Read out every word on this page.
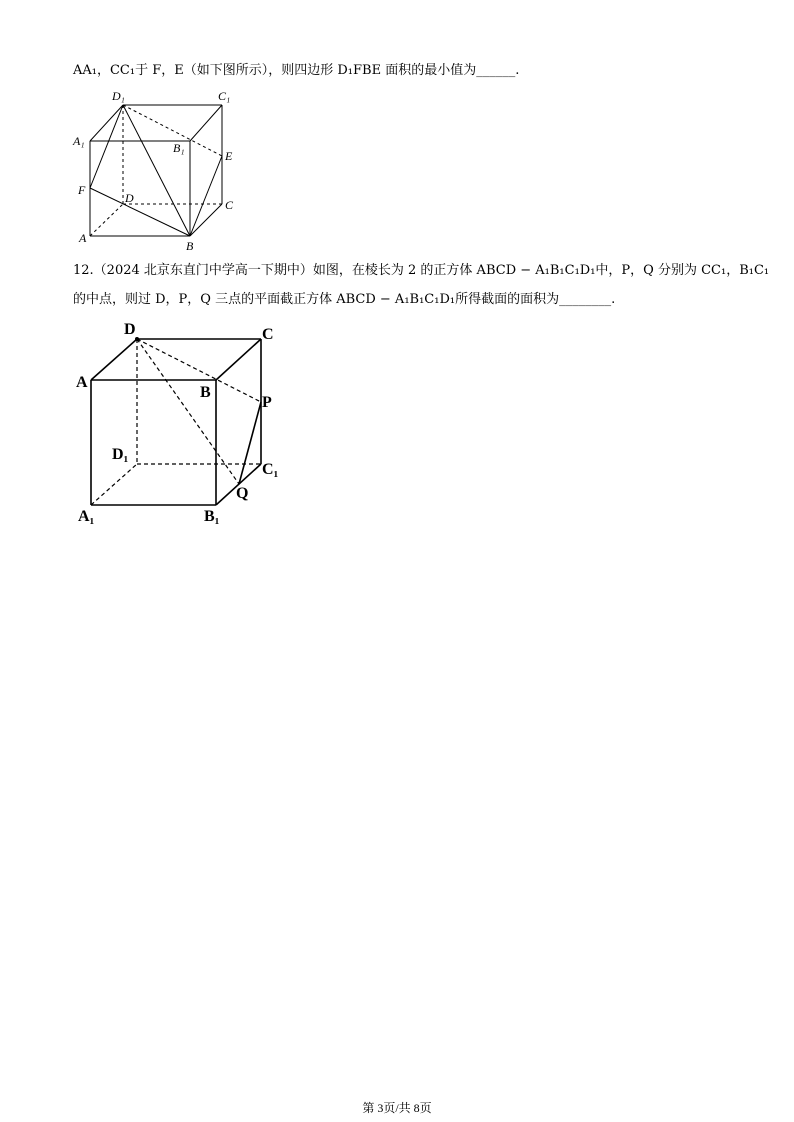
AA₁，CC₁于 F，E（如下图所示），则四边形 D₁FBE 面积的最小值为______.
D₁	C₁
A₁	B₁
E
F
D	C
A
B
12.（2024 北京东直门中学高一下期中）如图，在棱长为 2 的正方体 ABCD − A₁B₁C₁D₁中，P，Q 分别为 CC₁，B₁C₁
的中点，则过 D，P，Q 三点的平面截正方体 ABCD − A₁B₁C₁D₁所得截面的面积为________.
D	C
A
B
P
D₁
C₁
Q
A₁	B₁
第 3页/共 8页
